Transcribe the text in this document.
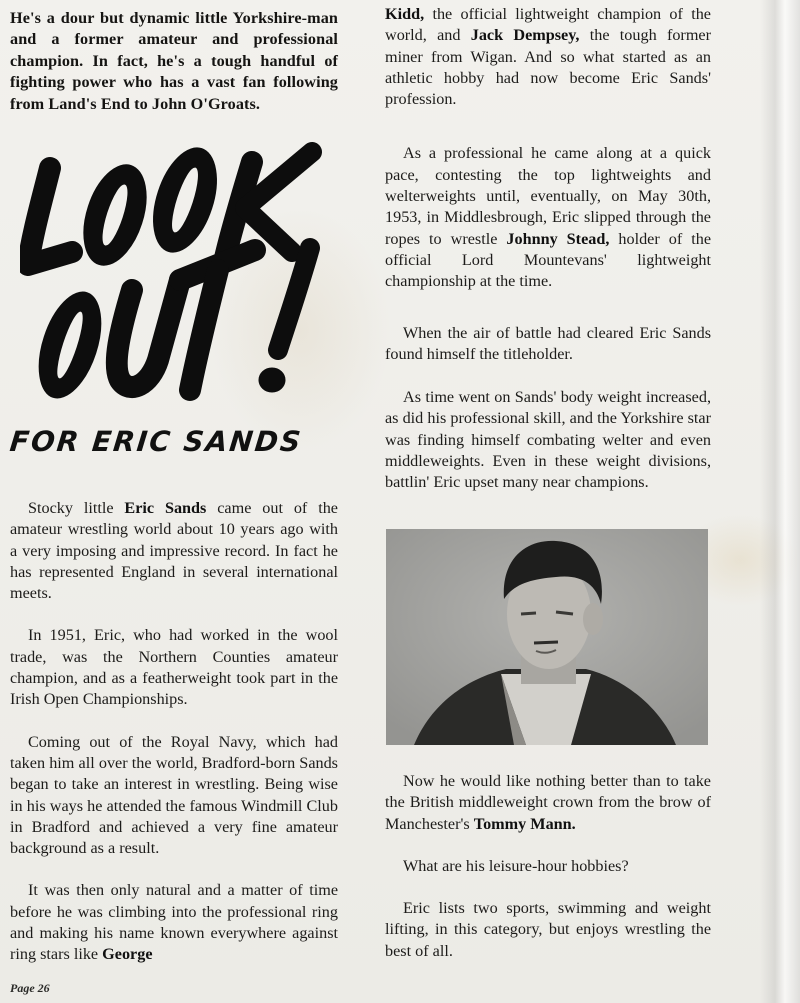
He's a dour but dynamic little Yorkshire-man and a former amateur and professional champion. In fact, he's a tough handful of fighting power who has a vast fan following from Land's End to John O'Groats.

FOR ERIC SANDS

Stocky little Eric Sands came out of the amateur wrestling world about 10 years ago with a very imposing and impressive record. In fact he has represented England in several international meets.

In 1951, Eric, who had worked in the wool trade, was the Northern Counties amateur champion, and as a featherweight took part in the Irish Open Championships.

Coming out of the Royal Navy, which had taken him all over the world, Bradford-born Sands began to take an interest in wrestling. Being wise in his ways he attended the famous Windmill Club in Bradford and achieved a very fine amateur background as a result.

It was then only natural and a matter of time before he was climbing into the professional ring and making his name known everywhere against ring stars like George

Page 26

Kidd, the official lightweight champion of the world, and Jack Dempsey, the tough former miner from Wigan. And so what started as an athletic hobby had now become Eric Sands' profession.

As a professional he came along at a quick pace, contesting the top lightweights and welterweights until, eventually, on May 30th, 1953, in Middlesbrough, Eric slipped through the ropes to wrestle Johnny Stead, holder of the official Lord Mountevans' lightweight championship at the time.

When the air of battle had cleared Eric Sands found himself the titleholder.

As time went on Sands' body weight increased, as did his professional skill, and the Yorkshire star was finding himself combating welter and even middleweights. Even in these weight divisions, battlin' Eric upset many near champions.

Now he would like nothing better than to take the British middleweight crown from the brow of Manchester's Tommy Mann.

What are his leisure-hour hobbies?

Eric lists two sports, swimming and weight lifting, in this category, but enjoys wrestling the best of all.
